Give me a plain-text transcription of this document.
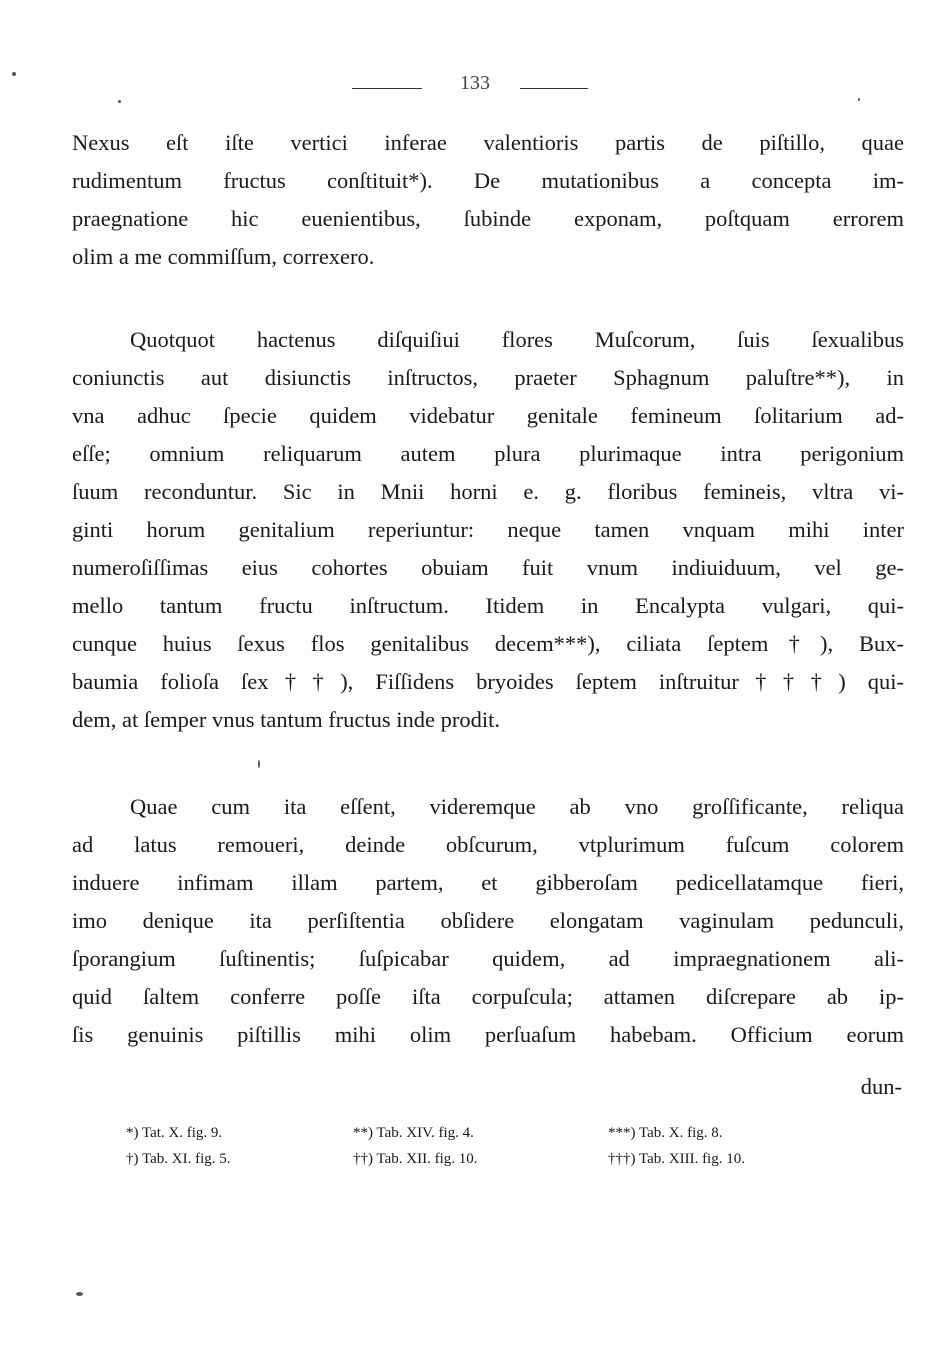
133
Nexus eſt iſte vertici inferae valentioris partis de piſtillo, quae
rudimentum fructus conſtituit*). De mutationibus a concepta im-
praegnatione hic euenientibus, ſubinde exponam, poſtquam errorem
olim a me commiſſum, correxero.
Quotquot hactenus diſquiſiui flores Muſcorum, ſuis ſexualibus
coniunctis aut disiunctis inſtructos, praeter Sphagnum paluſtre**), in
vna adhuc ſpecie quidem videbatur genitale femineum ſolitarium ad-
eſſe; omnium reliquarum autem plura plurimaque intra perigonium
ſuum reconduntur. Sic in Mnii horni e. g. floribus femineis, vltra vi-
ginti horum genitalium reperiuntur: neque tamen vnquam mihi inter
numeroſiſſimas eius cohortes obuiam fuit vnum indiuiduum, vel ge-
mello tantum fructu inſtructum. Itidem in Encalypta vulgari, qui-
cunque huius ſexus flos genitalibus decem***), ciliata ſeptem†), Bux-
baumia folioſa ſex††), Fiſſidens bryoides ſeptem inſtruitur†††) qui-
dem, at ſemper vnus tantum fructus inde prodit.
Quae cum ita eſſent, videremque ab vno groſſificante, reliqua
ad latus remoueri, deinde obſcurum, vtplurimum fuſcum colorem
induere infimam illam partem, et gibberoſam pedicellatamque fieri,
imo denique ita perſiſtentia obſidere elongatam vaginulam pedunculi,
ſporangium ſuſtinentis; ſuſpicabar quidem, ad impraegnationem ali-
quid ſaltem conferre poſſe iſta corpuſcula; attamen diſcrepare ab ip-
ſis genuinis piſtillis mihi olim perſuaſum habebam. Officium eorum
dun-
*) Tat. X. fig. 9.	**) Tab. XIV. fig. 4.	***) Tab. X. fig. 8.
†) Tab. XI. fig. 5.	††) Tab. XII. fig. 10.	†††) Tab. XIII. fig. 10.
